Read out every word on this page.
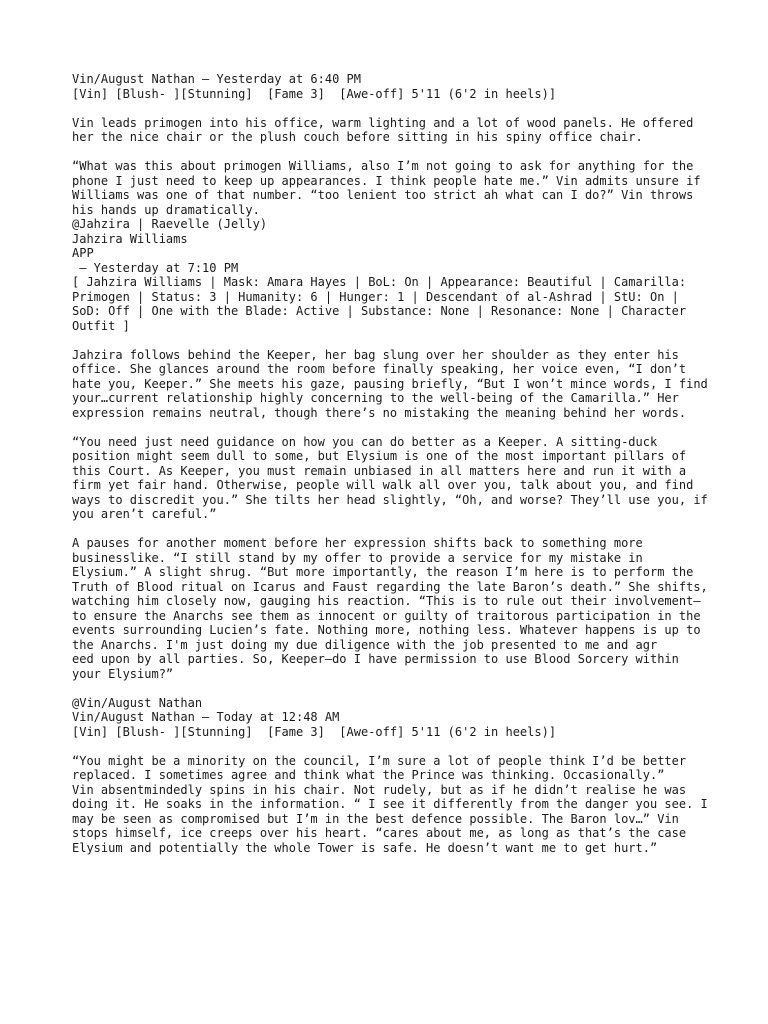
Vin/August Nathan — Yesterday at 6:40 PM
[Vin] [Blush- ][Stunning]  [Fame 3]  [Awe-off] 5'11 (6'2 in heels)]

Vin leads primogen into his office, warm lighting and a lot of wood panels. He offered her the nice chair or the plush couch before sitting in his spiny office chair.

“What was this about primogen Williams, also I’m not going to ask for anything for the phone I just need to keep up appearances. I think people hate me.” Vin admits unsure if Williams was one of that number. “too lenient too strict ah what can I do?” Vin throws his hands up dramatically.

@Jahzira | Raevelle (Jelly)
Jahzira Williams
APP
— Yesterday at 7:10 PM

[ Jahzira Williams | Mask: Amara Hayes | BoL: On | Appearance: Beautiful | Camarilla: Primogen | Status: 3 | Humanity: 6 | Hunger: 1 | Descendant of al-Ashrad | StU: On | SoD: Off | One with the Blade: Active | Substance: None | Resonance: None | Character Outfit ]

Jahzira follows behind the Keeper, her bag slung over her shoulder as they enter his office. She glances around the room before finally speaking, her voice even, “I don’t hate you, Keeper.” She meets his gaze, pausing briefly, “But I won’t mince words, I find your…current relationship highly concerning to the well-being of the Camarilla.” Her expression remains neutral, though there’s no mistaking the meaning behind her words.

“You need just need guidance on how you can do better as a Keeper. A sitting-duck position might seem dull to some, but Elysium is one of the most important pillars of this Court. As Keeper, you must remain unbiased in all matters here and run it with a firm yet fair hand. Otherwise, people will walk all over you, talk about you, and find ways to discredit you.” She tilts her head slightly, “Oh, and worse? They’ll use you, if you aren’t careful.”

A pauses for another moment before her expression shifts back to something more businesslike. “I still stand by my offer to provide a service for my mistake in Elysium.” A slight shrug. “But more importantly, the reason I’m here is to perform the Truth of Blood ritual on Icarus and Faust regarding the late Baron’s death.” She shifts, watching him closely now, gauging his reaction. “This is to rule out their involvement—to ensure the Anarchs see them as innocent or guilty of traitorous participation in the events surrounding Lucien’s fate. Nothing more, nothing less. Whatever happens is up to the Anarchs. I'm just doing my due diligence with the job presented to me and agr
eed upon by all parties. So, Keeper—do I have permission to use Blood Sorcery within your Elysium?”
@Vin/August Nathan
Vin/August Nathan — Today at 12:48 AM
[Vin] [Blush- ][Stunning]  [Fame 3]  [Awe-off] 5'11 (6'2 in heels)]

“You might be a minority on the council, I’m sure a lot of people think I’d be better replaced. I sometimes agree and think what the Prince was thinking. Occasionally.”

Vin absentmindedly spins in his chair. Not rudely, but as if he didn’t realise he was doing it. He soaks in the information. “ I see it differently from the danger you see. I may be seen as compromised but I’m in the best defence possible. The Baron lov…” Vin stops himself, ice creeps over his heart. “cares about me, as long as that’s the case Elysium and potentially the whole Tower is safe. He doesn’t want me to get hurt.”
